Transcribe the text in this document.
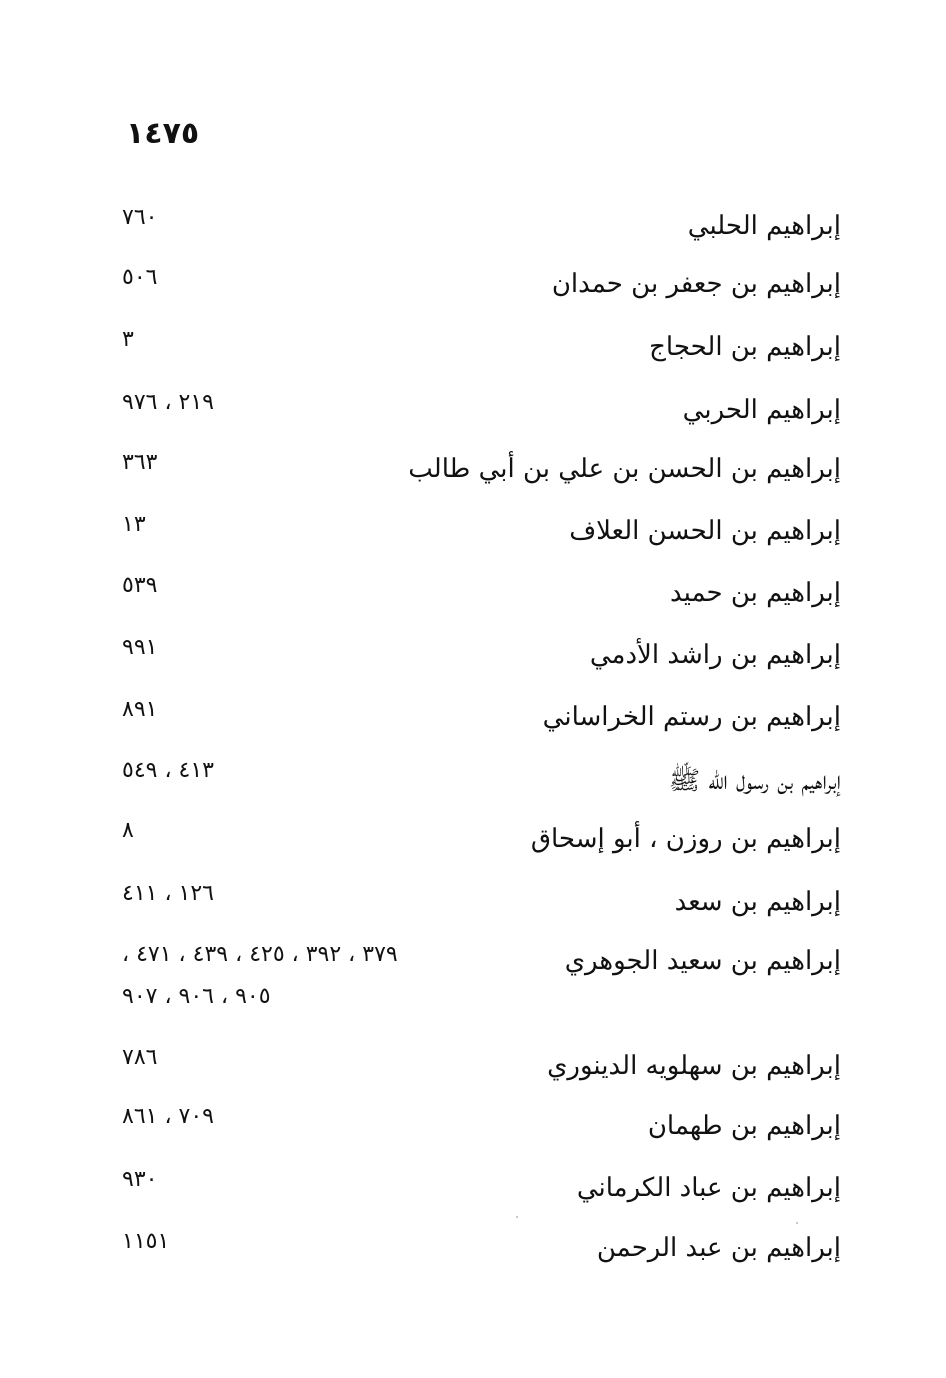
١٤٧٥
إبراهيم الحلبي
٧٦٠
إبراهيم بن جعفر بن حمدان
٥٠٦
إبراهيم بن الحجاج
٣
إبراهيم الحربي
٢١٩ ، ٩٧٦
إبراهيم بن الحسن بن علي بن أبي طالب
٣٦٣
إبراهيم بن الحسن العلاف
١٣
إبراهيم بن حميد
٥٣٩
إبراهيم بن راشد الأدمي
٩٩١
إبراهيم بن رستم الخراساني
٨٩١
إبراهيم بن رسول الله ﷺ
٤١٣ ، ٥٤٩
إبراهيم بن روزن ، أبو إسحاق
٨
إبراهيم بن سعد
١٢٦ ، ٤١١
إبراهيم بن سعيد الجوهري
٣٧٩ ، ٣٩٢ ، ٤٢٥ ، ٤٣٩ ، ٤٧١ ،
٩٠٥ ، ٩٠٦ ، ٩٠٧
إبراهيم بن سهلويه الدينوري
٧٨٦
إبراهيم بن طهمان
٧٠٩ ، ٨٦١
إبراهيم بن عباد الكرماني
٩٣٠
إبراهيم بن عبد الرحمن
١١٥١
